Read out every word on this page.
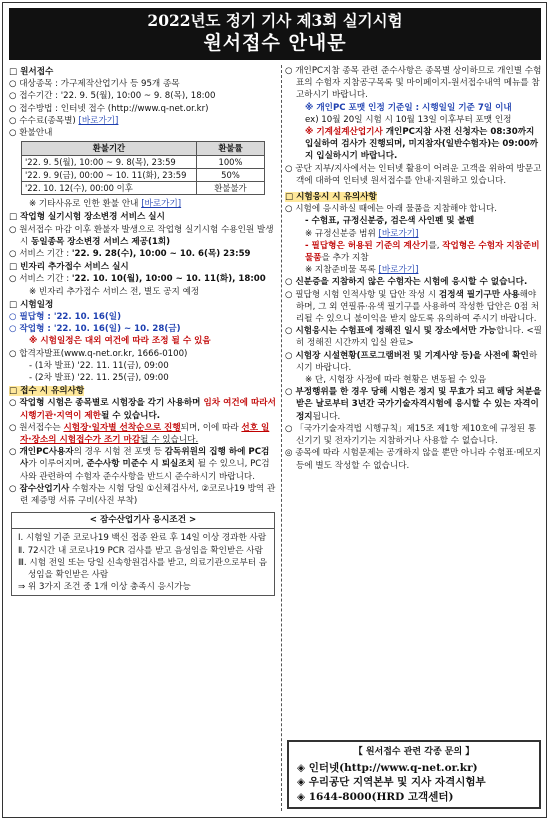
2022년도 정기 기사 제3회 실기시험
원서접수 안내문
□ 원서접수
○ 대상종목 : 가구제작산업기사 등 95개 종목
○ 접수기간 : '22. 9. 5(월), 10:00 ~ 9. 8(목), 18:00
○ 접수방법 : 인터넷 접수 (http://www.q-net.or.kr)
○ 수수료(종목별) [바로가기]
○ 환불안내
환불기간	환불률
'22. 9. 5(월), 10:00 ~ 9. 8(목), 23:59	100%
'22. 9. 9(금), 00:00 ~ 10. 11(화), 23:59	50%
'22. 10. 12(수), 00:00 이후	환불불가
※ 기타사유로 인한 환불 안내 [바로가기]
□ 작업형 실기시험 장소변경 서비스 실시
○ 원서접수 마감 이후 환불자 발생으로 작업형 실기시험 수용인원 발생 시 동일종목 장소변경 서비스 제공(1회)
○ 서비스 기간 : '22. 9. 28(수), 10:00 ~ 10. 6(목) 23:59
□ 빈자리 추가접수 서비스 실시
○ 서비스 기간 : '22. 10. 10(월), 10:00 ~ 10. 11(화), 18:00
※ 빈자리 추가접수 서비스 전, 별도 공지 예정
□ 시험일정
○ 필답형 : '22. 10. 16(일)
○ 작업형 : '22. 10. 16(일) ~ 10. 28(금)
※ 시험일정은 대외 여건에 따라 조정 될 수 있음
○ 합격자발표(www.q-net.or.kr, 1666-0100)
- (1차 발표) '22. 11. 11(금), 09:00
- (2차 발표) '22. 11. 25(금), 09:00
□ 접수 시 유의사항
○ 작업형 시험은 종목별로 시험장을 각기 사용하며 임차 여건에 따라서 시행기관·지역이 제한될 수 있습니다.
○ 원서접수는 시험장·일자별 선착순으로 진행되며, 이에 따라 선호 일자·장소의 시험접수가 조기 마감될 수 있습니다.
○ 개인PC사용자의 경우 시험 전 포맷 등 감독위원의 집행 하에 PC검사가 이루어지며, 준수사항 미준수 시 퇴실조치 될 수 있으니, PC검사와 관련하여 수험자 준수사항을 반드시 준수하시기 바랍니다.
○ 잠수산업기사 수험자는 시험 당일 ①신체검사서, ②코로나19 방역 관련 제증명 서류 구비(사진 부착)
< 잠수산업기사 응시조건 >
Ⅰ. 시험일 기준 코로나19 백신 접종 완료 후 14일 이상 경과한 사람
Ⅱ. 72시간 내 코로나19 PCR 검사를 받고 음성임을 확인받은 사람
Ⅲ. 시험 전일 또는 당일 신속항원검사를 받고, 의료기관으로부터 음성임을 확인받은 사람
⇒ 위 3가지 조건 중 1개 이상 충족시 응시가능
○ 개인PC지참 종목 관련 준수사항은 종목별 상이하므로 개인별 수험표의 수험자 지참공구목록 및 마이페이지-원서접수내역 메뉴를 참고하시기 바랍니다.
※ 개인PC 포맷 인정 기준일 : 시행일일 기준 7일 이내
ex) 10월 20일 시험 시 10월 13일 이후부터 포맷 인정
※ 기계설계산업기사 개인PC지참 사전 신청자는 08:30까지 입실하여 검사가 진행되며, 미지참자(일반수험자)는 09:00까지 입실하시기 바랍니다.
○ 공단 지부/지사에서는 인터넷 활용이 어려운 고객을 위하여 방문고객에 대하여 인터넷 원서접수를 안내·지원하고 있습니다.
□ 시험응시 시 유의사항
○ 시험에 응시하실 때에는 아래 물품을 지참해야 합니다.
- 수험표, 규정신분증, 검은색 사인펜 및 볼펜
※ 규정신분증 범위 [바로가기]
- 필답형은 허용된 기준의 계산기를, 작업형은 수험자 지참준비물품을 추가 지참
※ 지참준비물 목록 [바로가기]
○ 신분증을 지참하지 않은 수험자는 시험에 응시할 수 없습니다.
○ 필답형 시험 인적사항 및 답안 작성 시 검정색 필기구만 사용해야 하며, 그 외 연필류·유색 필기구를 사용하여 작성한 답안은 0점 처리될 수 있으니 불이익을 받지 않도록 유의하여 주시기 바랍니다.
○ 시험응시는 수험표에 정해진 일시 및 장소에서만 가능합니다. <필히 정해진 시간까지 입실 완료>
○ 시험장 시설현황(프로그램버전 및 기계사양 등)을 사전에 확인하시기 바랍니다.
※ 단, 시험장 사정에 따라 현황은 변동될 수 있음
○ 부정행위를 한 경우 당해 시험은 정지 및 무효가 되고 해당 처분을 받은 날로부터 3년간 국가기술자격시험에 응시할 수 있는 자격이 정지됩니다.
○ 「국가기술자격법 시행규칙」제15조 제1항 제10호에 규정된 통신기기 및 전자기기는 지참하거나 사용할 수 없습니다.
◎ 종목에 따라 시험문제는 공개하지 않을 뿐만 아니라 수험표·메모지 등에 별도 작성할 수 없습니다.
【 원서접수 관련 각종 문의 】
◈ 인터넷(http://www.q-net.or.kr)
◈ 우리공단 지역본부 및 지사 자격시험부
◈ 1644-8000(HRD 고객센터)
